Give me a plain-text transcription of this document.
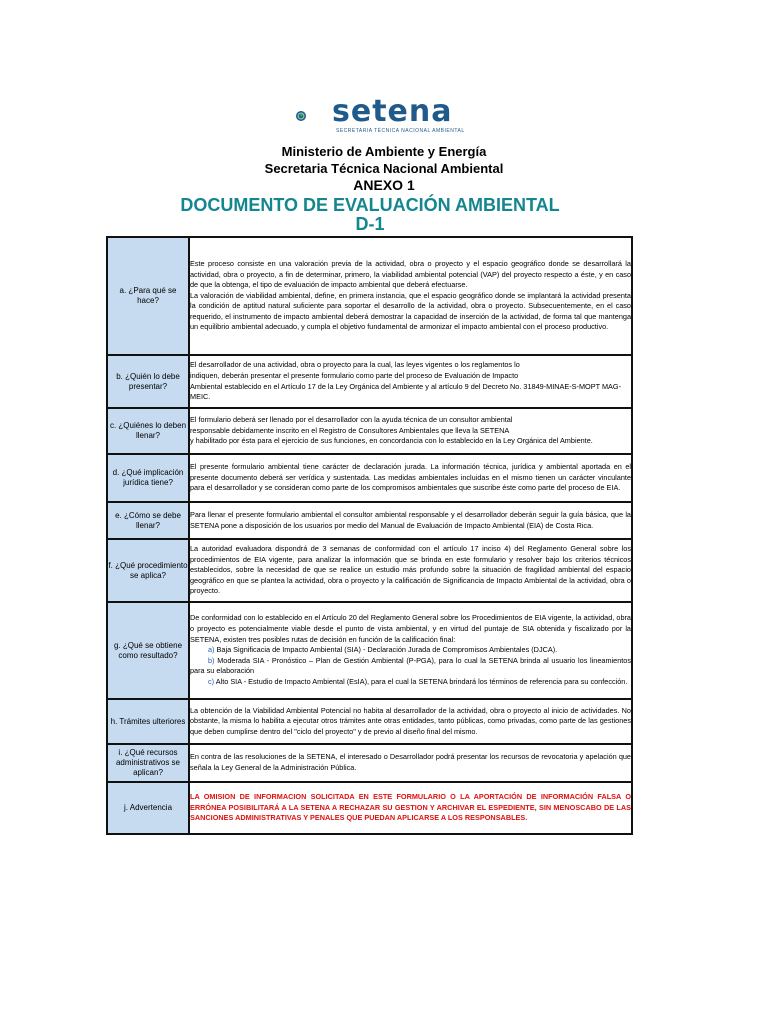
setena
SECRETARIA TÉCNICA NACIONAL AMBIENTAL
Ministerio de Ambiente y Energía
Secretaria Técnica Nacional Ambiental
ANEXO 1
DOCUMENTO DE EVALUACIÓN AMBIENTAL
D-1
a. ¿Para qué se hace?	Este proceso consiste en una valoración previa de la actividad, obra o proyecto y el espacio geográfico donde se desarrollará la actividad, obra o proyecto, a fin de determinar, primero, la viabilidad ambiental potencial (VAP) del proyecto respecto a éste, y en caso de que la obtenga, el tipo de evaluación de impacto ambiental que deberá efectuarse.
La valoración de viabilidad ambiental, define, en primera instancia, que el espacio geográfico donde se implantará la actividad presenta la condición de aptitud natural suficiente para soportar el desarrollo de la actividad, obra o proyecto. Subsecuentemente, en el caso requerido, el instrumento de impacto ambiental deberá demostrar la capacidad de inserción de la actividad, de forma tal que mantenga un equilibrio ambiental adecuado, y cumpla el objetivo fundamental de armonizar el impacto ambiental con el proceso productivo.
b. ¿Quién lo debe presentar?	El desarrollador de una actividad, obra o proyecto para la cual, las leyes vigentes o los reglamentos lo
indiquen, deberán presentar el presente formulario como parte del proceso de Evaluación de Impacto
Ambiental establecido en el Artículo 17 de la Ley Orgánica del Ambiente y al artículo 9 del Decreto No. 31849-MINAE-S-MOPT MAG-MEIC.
c. ¿Quiénes lo deben llenar?	El formulario deberá ser llenado por el desarrollador con la ayuda técnica de un consultor ambiental
responsable debidamente inscrito en el Registro de Consultores Ambientales que lleva la SETENA
y habilitado por ésta para el ejercicio de sus funciones, en concordancia con lo establecido en la Ley Orgánica del Ambiente.
d. ¿Qué implicación jurídica tiene?	El presente formulario ambiental tiene carácter de declaración jurada. La información técnica, jurídica y ambiental aportada en el presente documento deberá ser verídica y sustentada. Las medidas ambientales incluidas en el mismo tienen un carácter vinculante para el desarrollador y se consideran como parte de los compromisos ambientales que suscribe éste como parte del proceso de EIA.
e. ¿Cómo se debe llenar?	Para llenar el presente formulario ambiental el consultor ambiental responsable y el desarrollador deberán seguir la guía básica, que la SETENA pone a disposición de los usuarios por medio del Manual de Evaluación de Impacto Ambiental (EIA) de Costa Rica.
f. ¿Qué procedimiento se aplica?	La autoridad evaluadora dispondrá de 3 semanas de conformidad con el artículo 17 inciso 4) del Reglamento General sobre los procedimientos de EIA vigente, para analizar la información que se brinda en este formulario y resolver bajo los criterios técnicos establecidos, sobre la necesidad de que se realice un estudio más profundo sobre la situación de fragilidad ambiental del espacio geográfico en que se plantea la actividad, obra o proyecto y la calificación de Significancia de Impacto Ambiental de la actividad, obra o proyecto.
g. ¿Qué se obtiene como resultado?	De conformidad con lo establecido en el Artículo 20 del Reglamento General sobre los Procedimientos de EIA vigente, la actividad, obra o proyecto es potencialmente viable desde el punto de vista ambiental, y en virtud del puntaje de SIA obtenida y fiscalizado por la SETENA, existen tres posibles rutas de decisión en función de la calificación final:
a) Baja Significacia de Impacto Ambiental (SIA) - Declaración Jurada de Compromisos Ambientales (DJCA).
b) Moderada SIA - Pronóstico – Plan de Gestión Ambiental (P-PGA), para lo cual la SETENA brinda al usuario los lineamientos para su elaboración
c) Alto SIA - Estudio de Impacto Ambiental (EsIA), para el cual la SETENA brindará los términos de referencia para su confección.

h. Trámites ulteriores	La obtención de la Viabilidad Ambiental Potencial no habita al desarrollador de la actividad, obra o proyecto al inicio de actividades. No obstante, la misma lo habilita a ejecutar otros trámites ante otras entidades, tanto públicas, como privadas, como parte de las gestiones que deben cumplirse dentro del "ciclo del proyecto" y de previo al diseño final del mismo.
i. ¿Qué recursos administrativos se aplican?	En contra de las resoluciones de la SETENA, el interesado o Desarrollador podrá presentar los recursos de revocatoria y apelación que señala la Ley General de la Administración Pública.
j. Advertencia	LA OMISION DE INFORMACION SOLICITADA EN ESTE FORMULARIO O LA APORTACIÓN DE INFORMACIÓN FALSA O ERRÓNEA POSIBILITARÁ A LA SETENA A RECHAZAR SU GESTION Y ARCHIVAR EL ESPEDIENTE, SIN MENOSCABO DE LAS SANCIONES ADMINISTRATIVAS Y PENALES QUE PUEDAN APLICARSE A LOS RESPONSABLES.
